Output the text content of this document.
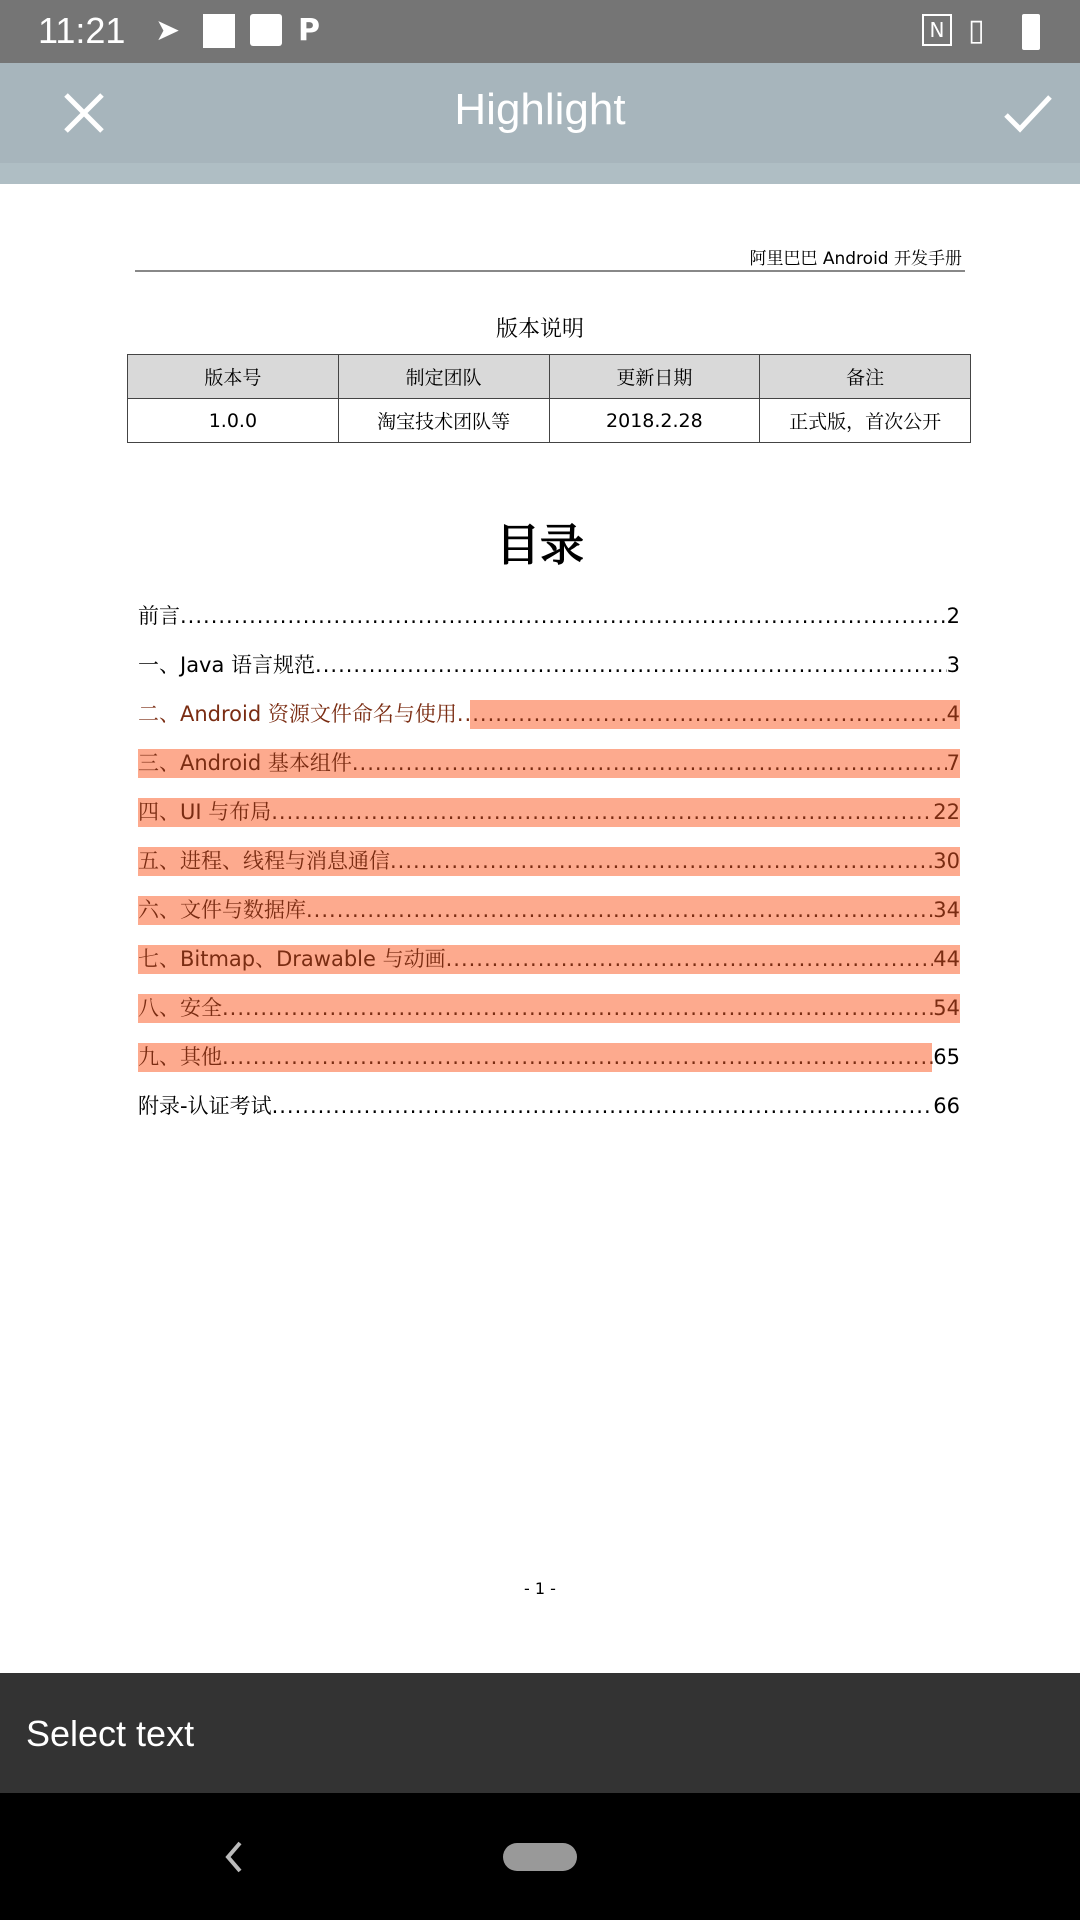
11:21 ➤	P	N ▯
Highlight
阿里巴巴 Android 开发手册
版本说明
版本号	制定团队	更新日期	备注
1.0.0	淘宝技术团队等	2018.2.28	正式版，首次公开
目录
前言 .....	2
一、Java 语言规范 .....	3
二、Android 资源文件命名与使用 .....	4
三、Android 基本组件 .....	7
四、UI 与布局 .....	22
五、进程、线程与消息通信 .....	30
六、文件与数据库 .....	34
七、Bitmap、Drawable 与动画 .....	44
八、安全 .....	54
九、其他 .....	65
附录-认证考试 .....	66
- 1 -
Select text
